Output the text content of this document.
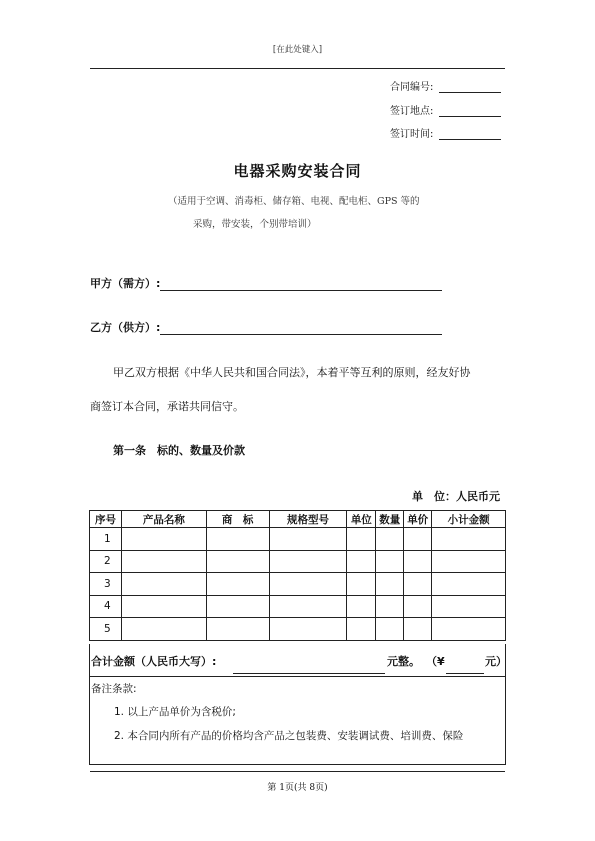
[在此处键入]
合同编号:
签订地点:
签订时间:
电器采购安装合同
（适用于空调、消毒柜、储存箱、电视、配电柜、GPS 等的
采购，带安装，个别带培训）
甲方（需方）:
乙方（供方）:
甲乙双方根据《中华人民共和国合同法》，本着平等互利的原则，经友好协
商签订本合同，承诺共同信守。
第一条　标的、数量及价款
单　位：人民币元
序号	产品名称	商　标	规格型号	单位	数量	单价	小计金额
1							
2							
3							
4							
5							
合计金额（人民币大写）:	元整。 （¥	元）
备注条款:
1. 以上产品单价为含税价;
2. 本合同内所有产品的价格均含产品之包装费、安装调试费、培训费、保险
第 1页(共 8页)
